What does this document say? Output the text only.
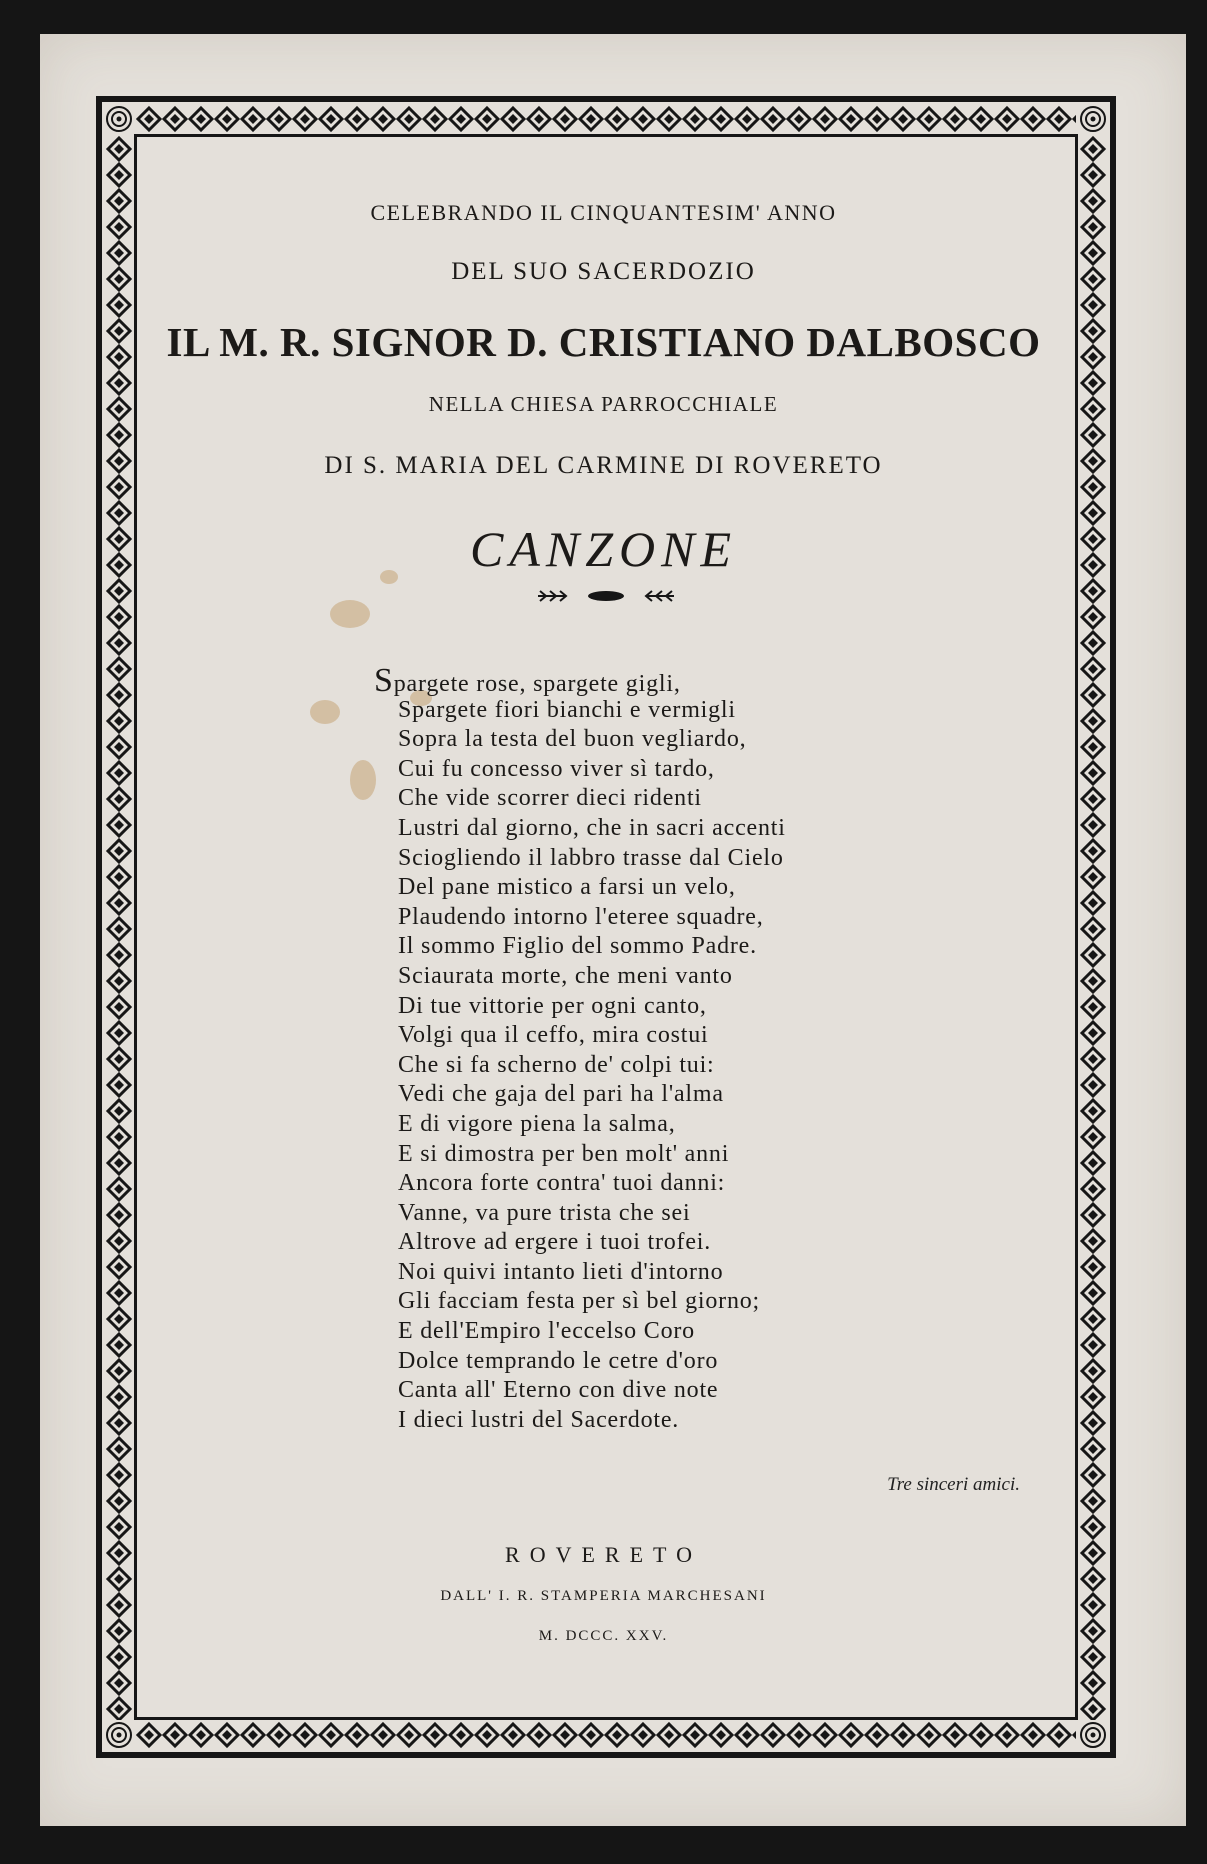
CELEBRANDO IL CINQUANTESIM' ANNO
DEL SUO SACERDOZIO
IL M. R. SIGNOR D. CRISTIANO DALBOSCO
NELLA CHIESA PARROCCHIALE
DI S. MARIA DEL CARMINE DI ROVERETO
CANZONE
Spargete rose, spargete gigli,
Spargete fiori bianchi e vermigli
Sopra la testa del buon vegliardo,
Cui fu concesso viver sì tardo,
Che vide scorrer dieci ridenti
Lustri dal giorno, che in sacri accenti
Sciogliendo il labbro trasse dal Cielo
Del pane mistico a farsi un velo,
Plaudendo intorno l'eteree squadre,
Il sommo Figlio del sommo Padre.
Sciaurata morte, che meni vanto
Di tue vittorie per ogni canto,
Volgi qua il ceffo, mira costui
Che si fa scherno de' colpi tui:
Vedi che gaja del pari ha l'alma
E di vigore piena la salma,
E si dimostra per ben molt' anni
Ancora forte contra' tuoi danni:
Vanne, va pure trista che sei
Altrove ad ergere i tuoi trofei.
Noi quivi intanto lieti d'intorno
Gli facciam festa per sì bel giorno;
E dell'Empiro l'eccelso Coro
Dolce temprando le cetre d'oro
Canta all' Eterno con dive note
I dieci lustri del Sacerdote.
Tre sinceri amici.
ROVERETO
DALL' I. R. STAMPERIA MARCHESANI
M. DCCC. XXV.
